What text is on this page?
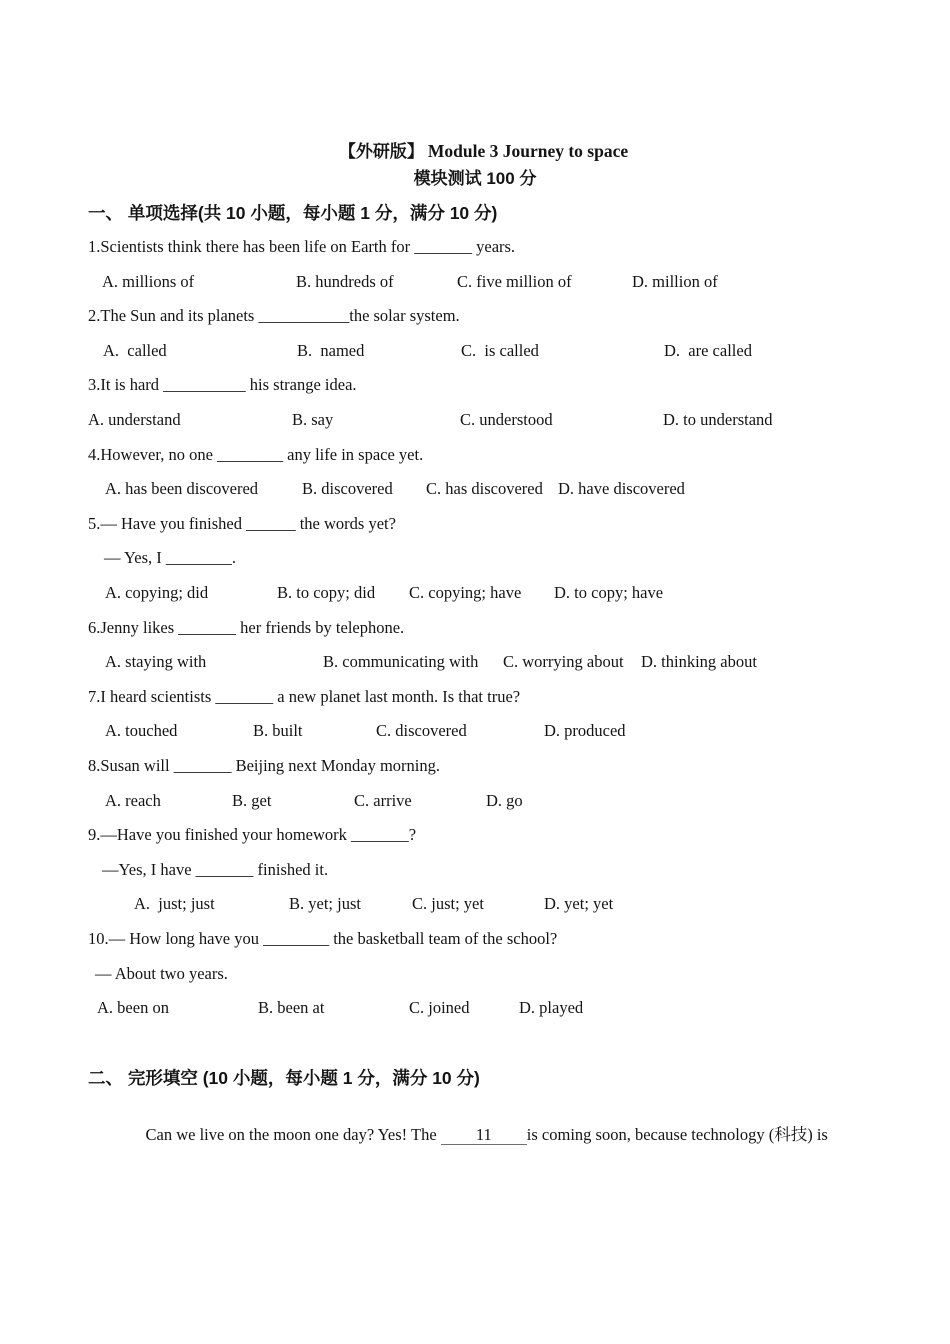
【外研版】 Module 3 Journey to space

模块测试 100 分
一、 单项选择(共 10 小题，每小题 1 分，满分 10 分)
1.Scientists think there has been life on Earth for _______ years.
A. millions of	B. hundreds of	C. five million of	D. million of
2.The Sun and its planets ___________the solar system.
A.  called	B.  named	C.  is called	D.  are called
3.It is hard __________ his strange idea.
A. understand	B. say	C. understood	D. to understand
4.However, no one ________ any life in space yet.
A. has been discovered	B. discovered C. has discovered D. have discovered
5.— Have you finished ______ the words yet?
— Yes, I ________.
A. copying; did	B. to copy; did C. copying; have D. to copy; have
6.Jenny likes _______ her friends by telephone.
A. staying with	B. communicating with C. worrying about D. thinking about
7.I heard scientists _______ a new planet last month. Is that true?
A. touched	B. built	C. discovered	D. produced
8.Susan will _______ Beijing next Monday morning.
A. reach	B. get	C. arrive	D. go
9.—Have you finished your homework _______?
—Yes, I have _______ finished it.
A.  just; just	B. yet; just	C. just; yet	D. yet; yet
10.— How long have you ________ the basketball team of the school?
— About two years.
A. been on	B. been at	C. joined	D. played
二、 完形填空 (10 小题，每小题 1 分，满分 10 分)

Can we live on the moon one day? Yes! The 11 is coming soon, because technology (科技) is
